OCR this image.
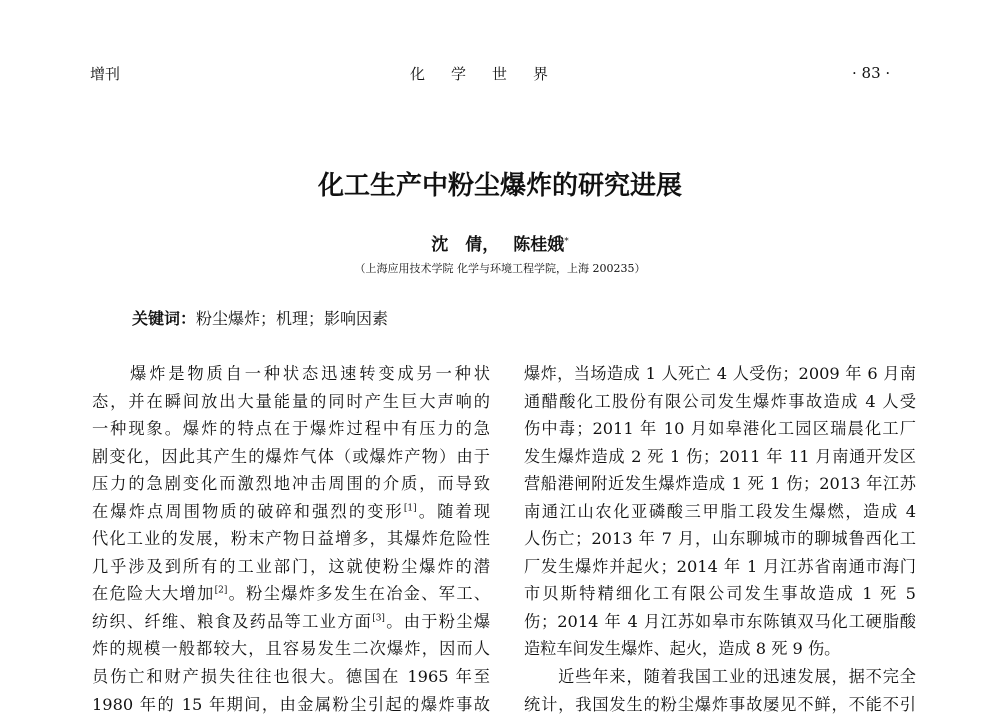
增刊	化学世界	· 83 ·
化工生产中粉尘爆炸的研究进展
沈　倩， 陈桂娥*
（上海应用技术学院 化学与环境工程学院，上海 200235）
关键词：粉尘爆炸；机理；影响因素
　　爆炸是物质自一种状态迅速转变成另一种状
态，并在瞬间放出大量能量的同时产生巨大声响的
一种现象。爆炸的特点在于爆炸过程中有压力的急
剧变化，因此其产生的爆炸气体（或爆炸产物）由于
压力的急剧变化而激烈地冲击周围的介质，而导致
在爆炸点周围物质的破碎和强烈的变形[1]。随着现
代化工业的发展，粉末产物日益增多，其爆炸危险性
几乎涉及到所有的工业部门，这就使粉尘爆炸的潜
在危险大大增加[2]。粉尘爆炸多发生在冶金、军工、
纺织、纤维、粮食及药品等工业方面[3]。由于粉尘爆
炸的规模一般都较大，且容易发生二次爆炸，因而人
员伤亡和财产损失往往也很大。德国在 1965 年至
1980 年的 15 年期间，由金属粉尘引起的爆炸事故
爆炸，当场造成 1 人死亡 4 人受伤；2009 年 6 月南
通醋酸化工股份有限公司发生爆炸事故造成 4 人受
伤中毒；2011 年 10 月如皋港化工园区瑞晨化工厂
发生爆炸造成 2 死 1 伤；2011 年 11 月南通开发区
营船港闸附近发生爆炸造成 1 死 1 伤；2013 年江苏
南通江山农化亚磷酸三甲脂工段发生爆燃，造成 4
人伤亡；2013 年 7 月，山东聊城市的聊城鲁西化工
厂发生爆炸并起火；2014 年 1 月江苏省南通市海门
市贝斯特精细化工有限公司发生事故造成 1 死 5
伤；2014 年 4 月江苏如皋市东陈镇双马化工硬脂酸
造粒车间发生爆炸、起火，造成 8 死 9 伤。
　　近些年来，随着我国工业的迅速发展，据不完全
统计，我国发生的粉尘爆炸事故屡见不鲜，不能不引
